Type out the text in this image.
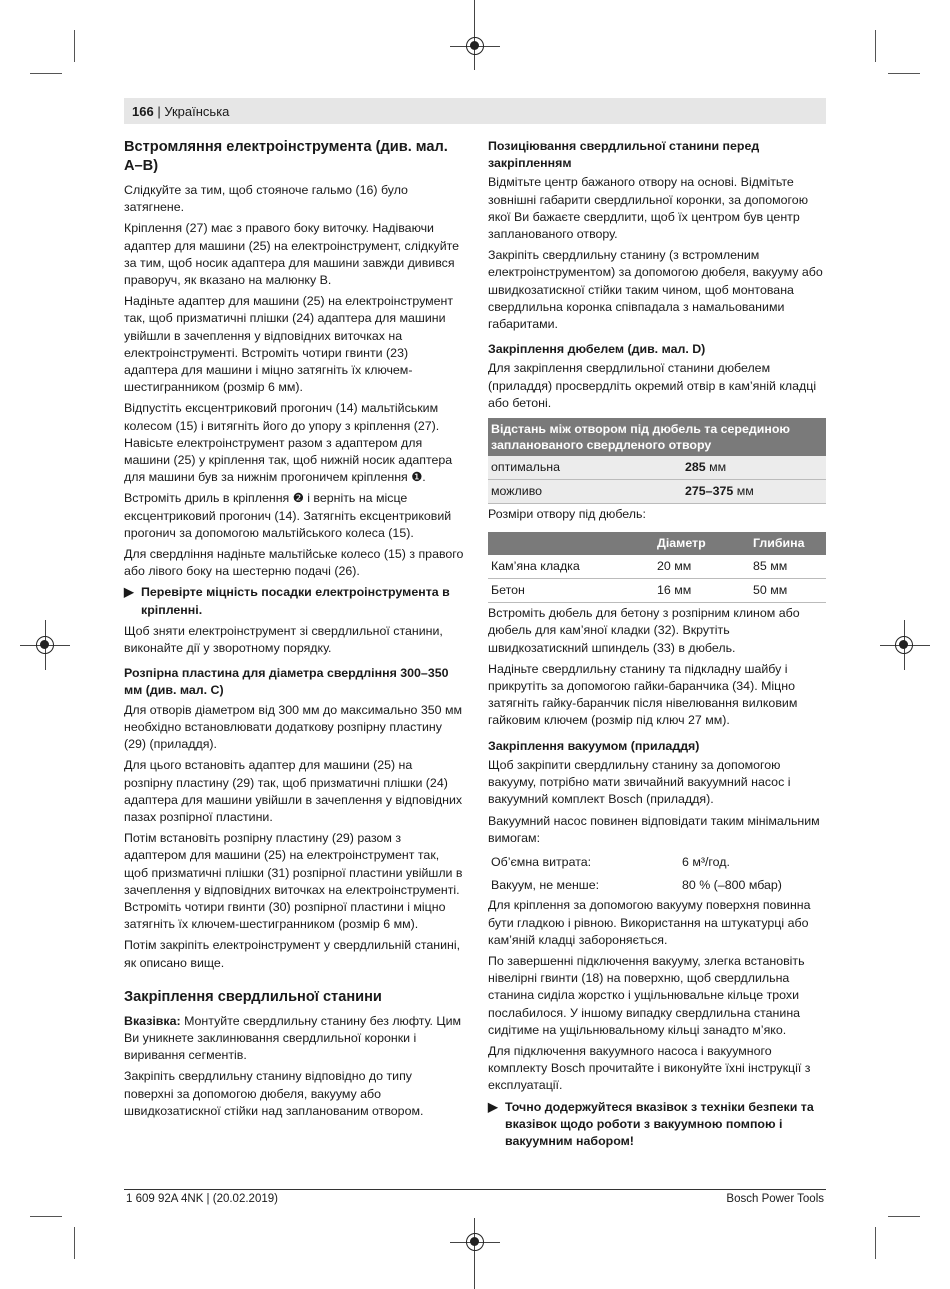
166 | Українська
Встромляння електроінструмента (див. мал. A–B)

Слідкуйте за тим, щоб стояноче гальмо (16) було затягнене.

Кріплення (27) має з правого боку виточку. Надіваючи адаптер для машини (25) на електроінструмент, слідкуйте за тим, щоб носик адаптера для машини завжди дивився праворуч, як вказано на малюнку B.

Надіньте адаптер для машини (25) на електроінструмент так, щоб призматичні плішки (24) адаптера для машини увійшли в зачеплення у відповідних виточках на електроінструменті. Встроміть чотири гвинти (23) адаптера для машини і міцно затягніть їх ключем-шестигранником (розмір 6 мм).

Відпустіть ексцентриковий прогонич (14) мальтійським колесом (15) і витягніть його до упору з кріплення (27). Навісьте електроінструмент разом з адаптером для машини (25) у кріплення так, щоб нижній носик адаптера для машини був за нижнім прогоничем кріплення ❶.

Встроміть дриль в кріплення ❷ і верніть на місце ексцентриковий прогонич (14). Затягніть ексцентриковий прогонич за допомогою мальтійського колеса (15).

Для свердління надіньте мальтійське колесо (15) з правого або лівого боку на шестерню подачі (26).

▶ Перевірте міцність посадки електроінструмента в кріпленні.

Щоб зняти електроінструмент зі свердлильної станини, виконайте дії у зворотному порядку.

Розпірна пластина для діаметра свердління 300–350 мм (див. мал. C)

Для отворів діаметром від 300 мм до максимально 350 мм необхідно встановлювати додаткову розпірну пластину (29) (приладдя).

Для цього встановіть адаптер для машини (25) на розпірну пластину (29) так, щоб призматичні плішки (24) адаптера для машини увійшли в зачеплення у відповідних пазах розпірної пластини.

Потім встановіть розпірну пластину (29) разом з адаптером для машини (25) на електроінструмент так, щоб призматичні плішки (31) розпірної пластини увійшли в зачеплення у відповідних виточках на електроінструменті. Встроміть чотири гвинти (30) розпірної пластини і міцно затягніть їх ключем-шестигранником (розмір 6 мм).

Потім закріпіть електроінструмент у свердлильній станині, як описано вище.

Закріплення свердлильної станини

Вказівка: Монтуйте свердлильну станину без люфту. Цим Ви уникнете заклинювання свердлильної коронки і виривання сегментів.

Закріпіть свердлильну станину відповідно до типу поверхні за допомогою дюбеля, вакууму або швидкозатискної стійки над запланованим отвором.

Позиціювання свердлильної станини перед закріпленням

Відмітьте центр бажаного отвору на основі. Відмітьте зовнішні габарити свердлильної коронки, за допомогою якої Ви бажаєте свердлити, щоб їх центром був центр запланованого отвору.

Закріпіть свердлильну станину (з встромленим електроінструментом) за допомогою дюбеля, вакууму або швидкозатискної стійки таким чином, щоб монтована свердлильна коронка співпадала з намальованими габаритами.

Закріплення дюбелем (див. мал. D)

Для закріплення свердлильної станини дюбелем (приладдя) просвердліть окремий отвір в кам’яній кладці або бетоні.

Відстань між отвором під дюбель та серединою запланованого свердленого отвору	
оптимальна	285 мм
можливо	275–375 мм

Розміри отвору під дюбель:

	Діаметр	Глибина
Кам’яна кладка	20 мм	85 мм
Бетон	16 мм	50 мм

Встроміть дюбель для бетону з розпірним клином або дюбель для кам’яної кладки (32). Вкрутіть швидкозатискний шпиндель (33) в дюбель.

Надіньте свердлильну станину та підкладну шайбу і прикрутіть за допомогою гайки-баранчика (34). Міцно затягніть гайку-баранчик після нівелювання вилковим гайковим ключем (розмір під ключ 27 мм).

Закріплення вакуумом (приладдя)

Щоб закріпити свердлильну станину за допомогою вакууму, потрібно мати звичайний вакуумний насос і вакуумний комплект Bosch (приладдя).

Вакуумний насос повинен відповідати таким мінімальним вимогам:

Об’ємна витрата:	6 м³/год.
Вакуум, не менше:	80 % (–800 мбар)

Для кріплення за допомогою вакууму поверхня повинна бути гладкою і рівною. Використання на штукатурці або кам’яній кладці забороняється.

По завершенні підключення вакууму, злегка встановіть нівелірні гвинти (18) на поверхню, щоб свердлильна станина сиділа жорстко і ущільнювальне кільце трохи послабилося. У іншому випадку свердлильна станина сидітиме на ущільнювальному кільці занадто м’яко.

Для підключення вакуумного насоса і вакуумного комплекту Bosch прочитайте і виконуйте їхні інструкції з експлуатації.

▶ Точно додержуйтеся вказівок з техніки безпеки та вказівок щодо роботи з вакуумною помпою і вакуумним набором!
1 609 92A 4NK | (20.02.2019)	Bosch Power Tools
